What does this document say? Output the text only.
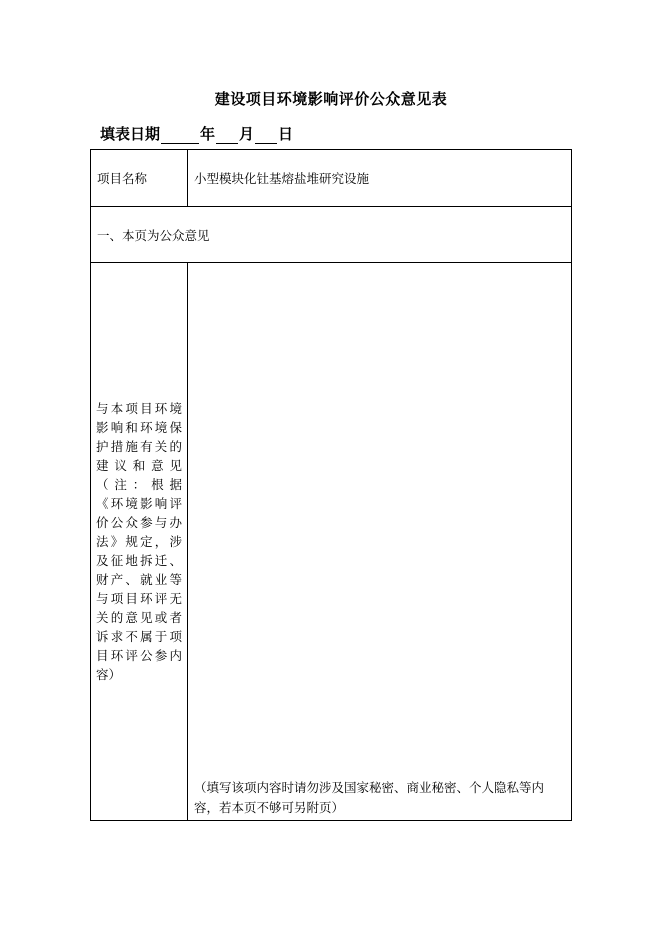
建设项目环境影响评价公众意见表
填表日期	年 月 日
项目名称	小型模块化钍基熔盐堆研究设施
一、本页为公众意见	
与本项目环境影响和环境保护措施有关的建议和意见（注：根据《环境影响评价公众参与办法》规定，涉及征地拆迁、财产、就业等与项目环评无关的意见或者诉求不属于项目环评公参内容）	（填写该项内容时请勿涉及国家秘密、商业秘密、个人隐私等内容，若本页不够可另附页）
